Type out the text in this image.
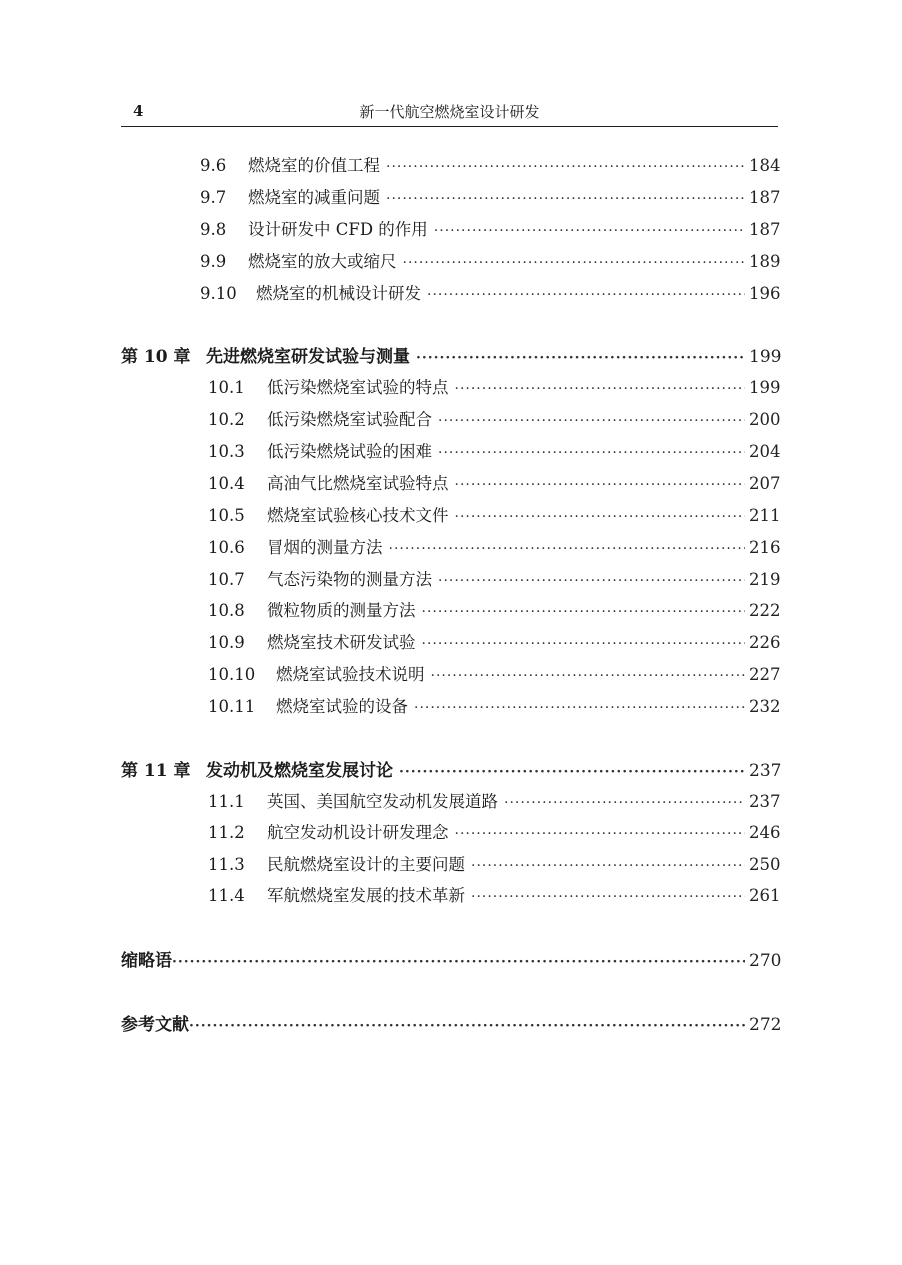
4	新一代航空燃烧室设计研发
9.6	燃烧室的价值工程 ·····	184
9.7	燃烧室的减重问题 ·····	187
9.8	设计研发中 CFD 的作用 ·····	187
9.9	燃烧室的放大或缩尺 ·····	189
9.10	燃烧室的机械设计研发 ·····	196
第 10 章 先进燃烧室研发试验与测量 ·····	199
10.1	低污染燃烧室试验的特点 ·····	199
10.2	低污染燃烧室试验配合 ·····	200
10.3	低污染燃烧试验的困难 ·····	204
10.4	高油气比燃烧室试验特点 ·····	207
10.5	燃烧室试验核心技术文件 ·····	211
10.6	冒烟的测量方法 ·····	216
10.7	气态污染物的测量方法 ·····	219
10.8	微粒物质的测量方法 ·····	222
10.9	燃烧室技术研发试验 ·····	226
10.10	燃烧室试验技术说明 ·····	227
10.11	燃烧室试验的设备 ·····	232
第 11 章 发动机及燃烧室发展讨论 ·····	237
11.1	英国、美国航空发动机发展道路 ·····	237
11.2	航空发动机设计研发理念 ·····	246
11.3	民航燃烧室设计的主要问题 ·····	250
11.4	军航燃烧室发展的技术革新 ·····	261
缩略语 ·····	270
参考文献 ·····	272
